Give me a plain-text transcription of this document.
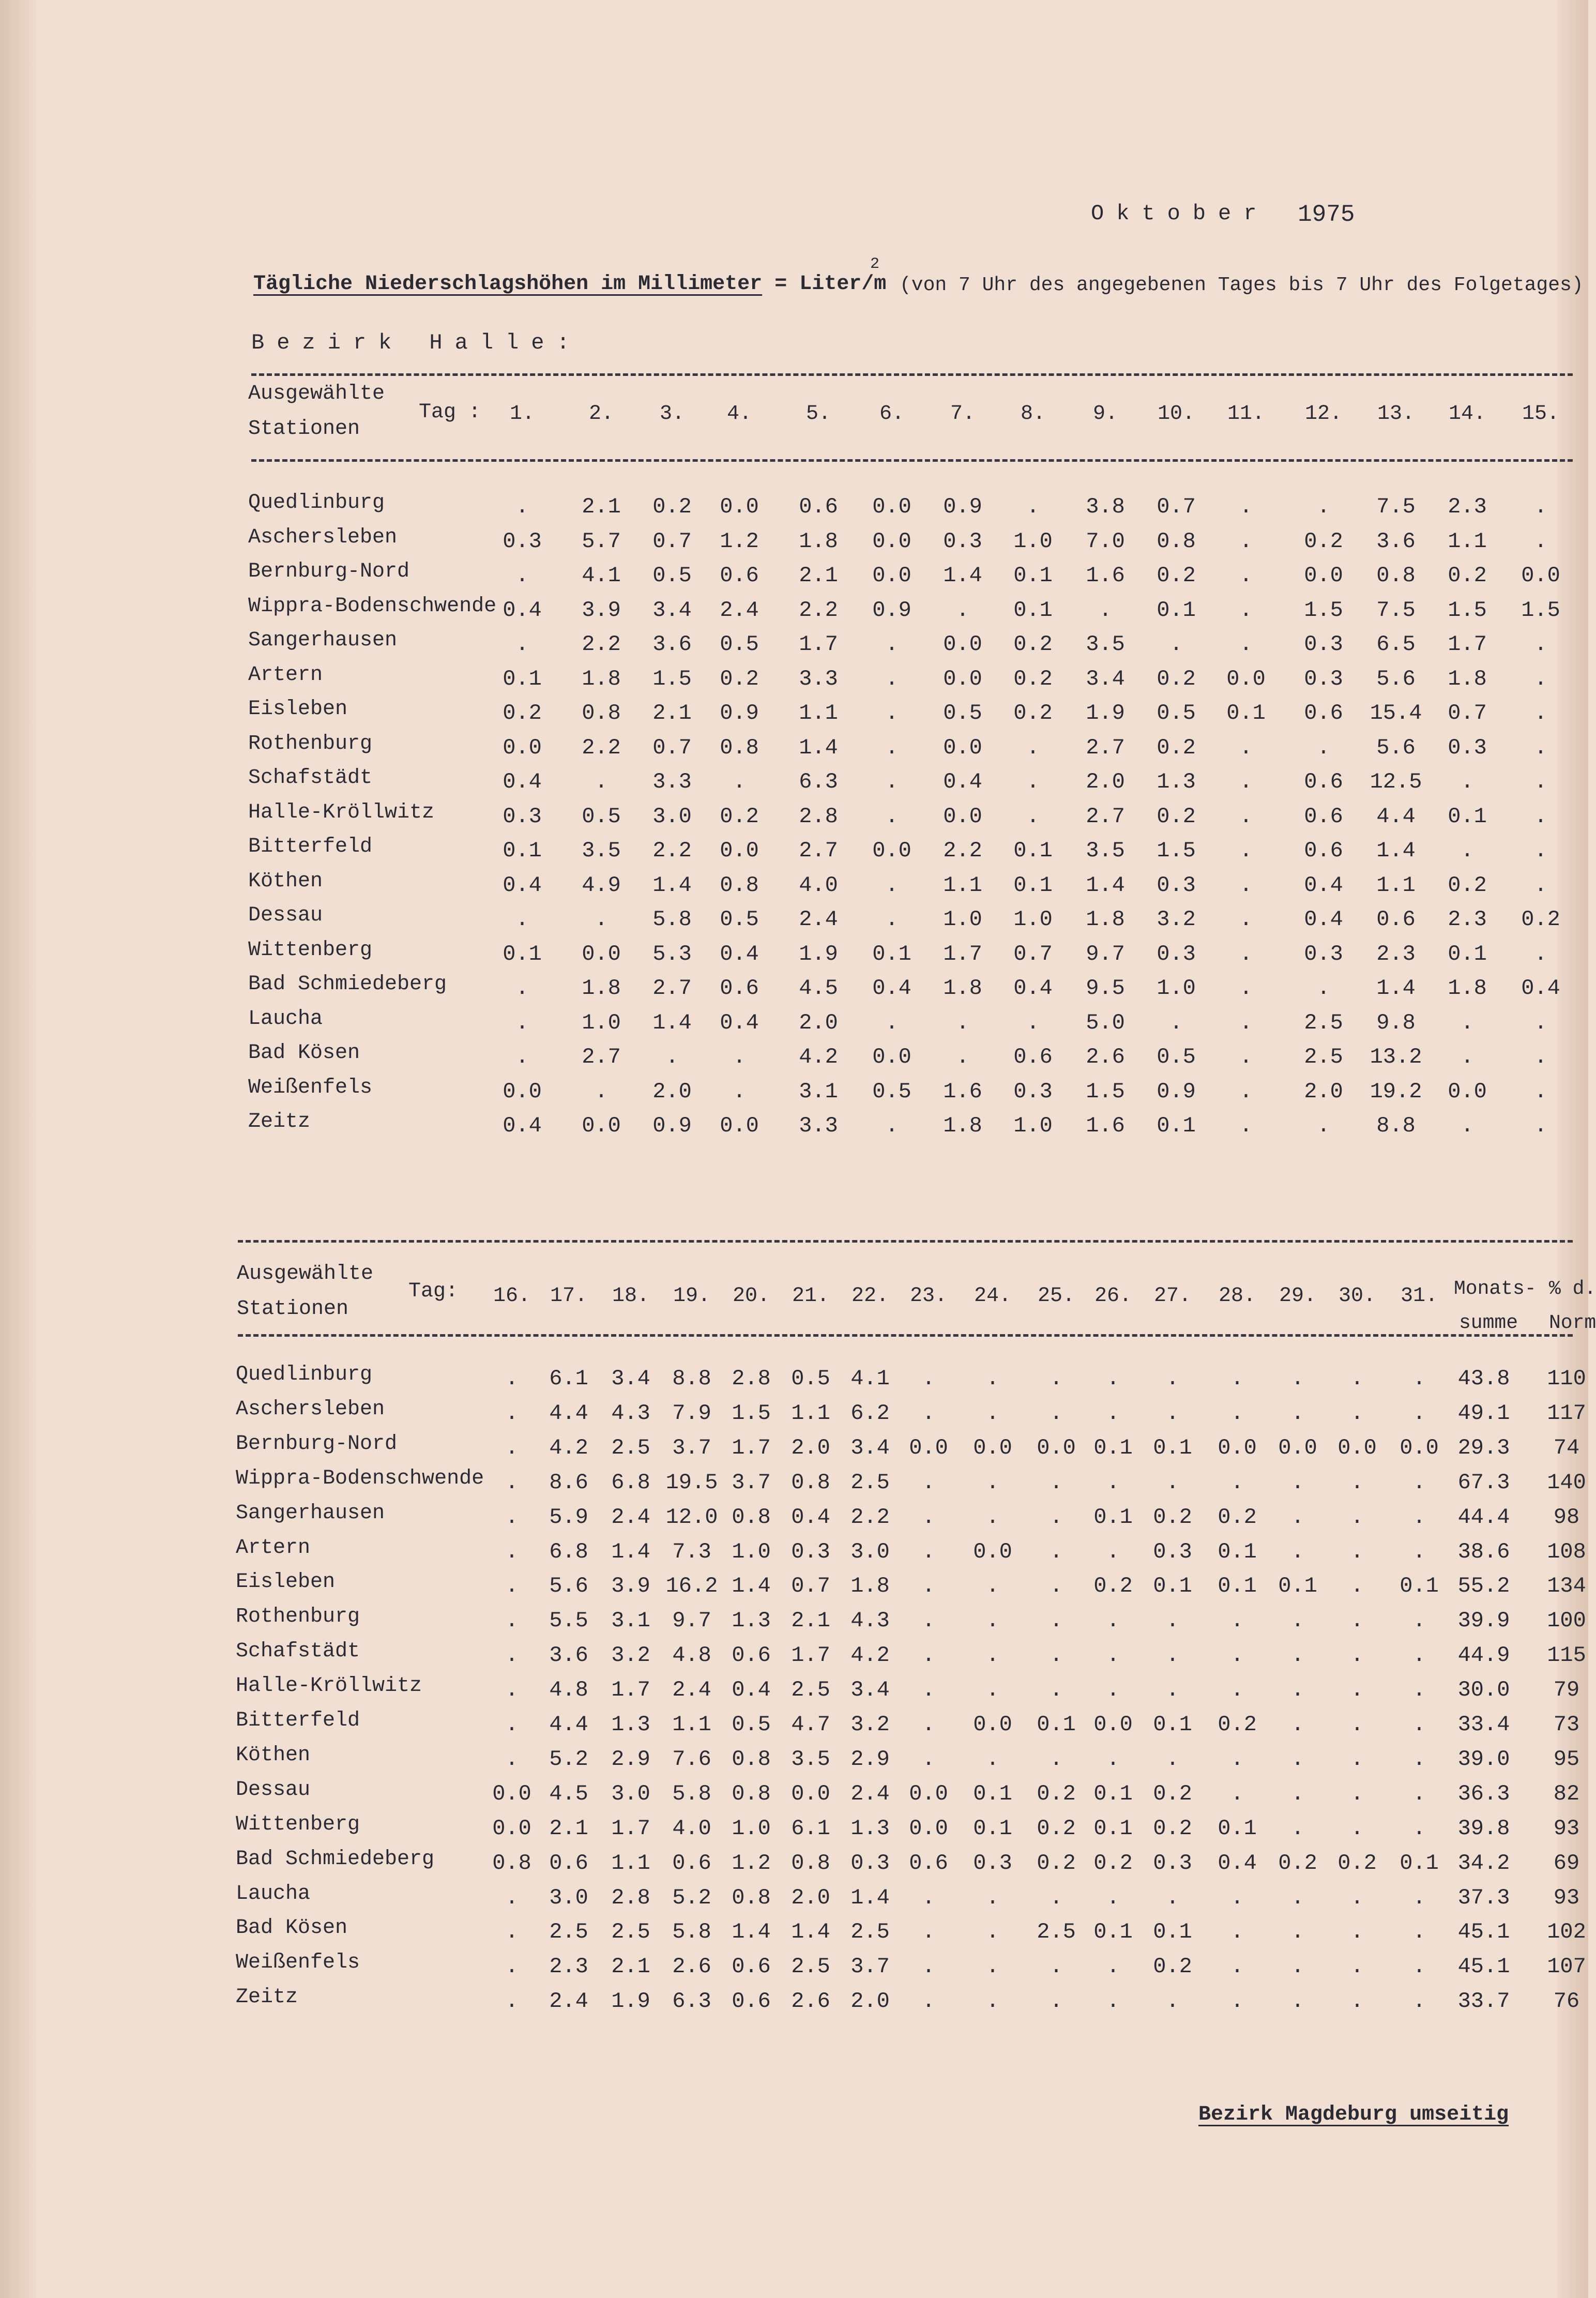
Oktober 1975
Tägliche Niederschlagshöhen im Millimeter = Liter/m
2
(von 7 Uhr des angegebenen Tages bis 7 Uhr des Folgetages)
Bezirk Halle:
Ausgewählte
Stationen
Tag : 1.	2. 3. 4.	5. 6. 7. 8. 9. 10. 11. 12. 13. 14. 15.
Quedlinburg	. 2.1 0.2 0.0 0.6 0.0 0.9 . 3.8 0.7 .	. 7.5 2.3 .
Aschersleben	0.3 5.7 0.7 1.2 1.8 0.0 0.3 1.0 7.0 0.8 . 0.2 3.6 1.1 .
Bernburg-Nord	. 4.1 0.5 0.6 2.1 0.0 1.4 0.1 1.6 0.2 . 0.0 0.8 0.2 0.0
Wippra-Bodenschwende 0.4 3.9 3.4 2.4 2.2 0.9 . 0.1 . 0.1 . 1.5 7.5 1.5 1.5
Sangerhausen	. 2.2 3.6 0.5 1.7 . 0.0 0.2 3.5 .	. 0.3 6.5 1.7 .
Artern	0.1 1.8 1.5 0.2 3.3 . 0.0 0.2 3.4 0.2 0.0 0.3 5.6 1.8 .
Eisleben	0.2 0.8 2.1 0.9 1.1 . 0.5 0.2 1.9 0.5 0.1 0.6 15.4 0.7 .
Rothenburg	0.0 2.2 0.7 0.8 1.4 . 0.0 . 2.7 0.2 .	. 5.6 0.3 .
Schafstädt	0.4 . 3.3 . 6.3 . 0.4 . 2.0 1.3 . 0.6 12.5 .	.
Halle-Kröllwitz	0.3 0.5 3.0 0.2 2.8 . 0.0 . 2.7 0.2 . 0.6 4.4 0.1 .
Bitterfeld	0.1 3.5 2.2 0.0 2.7 0.0 2.2 0.1 3.5 1.5 . 0.6 1.4 .	.
Köthen	0.4 4.9 1.4 0.8 4.0 . 1.1 0.1 1.4 0.3 . 0.4 1.1 0.2 .
Dessau	.	. 5.8 0.5 2.4 . 1.0 1.0 1.8 3.2 . 0.4 0.6 2.3 0.2
Wittenberg	0.1 0.0 5.3 0.4 1.9 0.1 1.7 0.7 9.7 0.3 . 0.3 2.3 0.1 .
Bad Schmiedeberg	. 1.8 2.7 0.6 4.5 0.4 1.8 0.4 9.5 1.0 .	. 1.4 1.8 0.4
Laucha	. 1.0 1.4 0.4 2.0 .	.	. 5.0 .	. 2.5 9.8 .	.
Bad Kösen	. 2.7 . . 4.2 0.0 . 0.6 2.6 0.5 . 2.5 13.2 .	.
Weißenfels	0.0 . 2.0 . 3.1 0.5 1.6 0.3 1.5 0.9 . 2.0 19.2 0.0 .
Zeitz	0.4 0.0 0.9 0.0 3.3 . 1.8 1.0 1.6 0.1 .	. 8.8 .	.
Ausgewählte
Stationen
Tag: 16. 17. 18. 19. 20. 21. 22. 23. 24. 25. 26. 27. 28. 29. 30. 31. Monats-
summe
% d.
Norm
Quedlinburg	. 6.1 3.4 8.8 2.8 0.5 4.1 . . . . . . . . . 43.8 110
Aschersleben	. 4.4 4.3 7.9 1.5 1.1 6.2 . . . . . . . . . 49.1 117
Bernburg-Nord	. 4.2 2.5 3.7 1.7 2.0 3.4 0.0 0.0 0.0 0.1 0.1 0.0 0.0 0.0 0.0 29.3 74
Wippra-Bodenschwende . 8.6 6.8 19.5 3.7 0.8 2.5 . . . . . . . . . 67.3 140
Sangerhausen	. 5.9 2.4 12.0 0.8 0.4 2.2 . . . 0.1 0.2 0.2 . . . 44.4 98
Artern	. 6.8 1.4 7.3 1.0 0.3 3.0 . 0.0 . . 0.3 0.1 . . . 38.6 108
Eisleben	. 5.6 3.9 16.2 1.4 0.7 1.8 . . . 0.2 0.1 0.1 0.1 . 0.1 55.2 134
Rothenburg	. 5.5 3.1 9.7 1.3 2.1 4.3 . . . . . . . . . 39.9 100
Schafstädt	. 3.6 3.2 4.8 0.6 1.7 4.2 . . . . . . . . . 44.9 115
Halle-Kröllwitz	. 4.8 1.7 2.4 0.4 2.5 3.4 . . . . . . . . . 30.0 79
Bitterfeld	. 4.4 1.3 1.1 0.5 4.7 3.2 . 0.0 0.1 0.0 0.1 0.2 . . . 33.4 73
Köthen	. 5.2 2.9 7.6 0.8 3.5 2.9 . . . . . . . . . 39.0 95
Dessau	0.0 4.5 3.0 5.8 0.8 0.0 2.4 0.0 0.1 0.2 0.1 0.2 . . . . 36.3 82
Wittenberg	0.0 2.1 1.7 4.0 1.0 6.1 1.3 0.0 0.1 0.2 0.1 0.2 0.1 . . . 39.8 93
Bad Schmiedeberg	0.8 0.6 1.1 0.6 1.2 0.8 0.3 0.6 0.3 0.2 0.2 0.3 0.4 0.2 0.2 0.1 34.2 69
Laucha	. 3.0 2.8 5.2 0.8 2.0 1.4 . . . . . . . . . 37.3 93
Bad Kösen	. 2.5 2.5 5.8 1.4 1.4 2.5 . . 2.5 0.1 0.1 . . . . 45.1 102
Weißenfels	. 2.3 2.1 2.6 0.6 2.5 3.7 . . . . 0.2 . . . . 45.1 107
Zeitz	. 2.4 1.9 6.3 0.6 2.6 2.0 . . . . . . . . . 33.7 76
Bezirk Magdeburg umseitig
